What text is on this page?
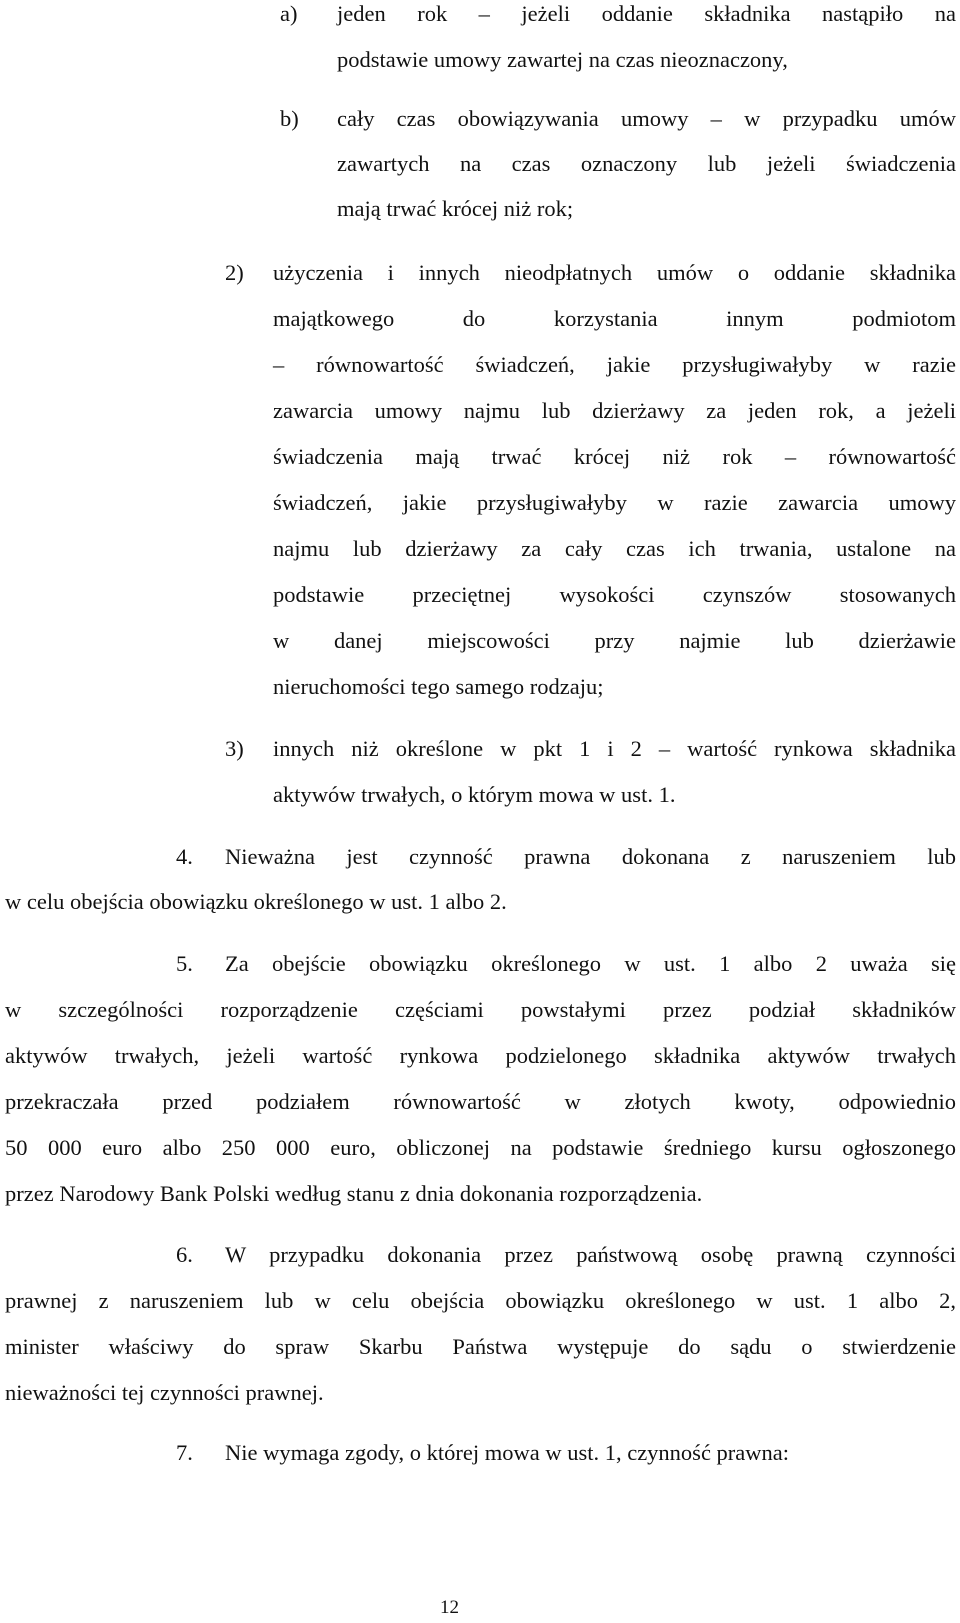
a) jeden rok – jeżeli oddanie składnika nastąpiło na
podstawie umowy zawartej na czas nieoznaczony,
b) cały czas obowiązywania umowy – w przypadku umów
zawartych na czas oznaczony lub jeżeli świadczenia
mają trwać krócej niż rok;
2) użyczenia i innych nieodpłatnych umów o oddanie składnika
majątkowego do korzystania innym podmiotom
– równowartość świadczeń, jakie przysługiwałyby w razie
zawarcia umowy najmu lub dzierżawy za jeden rok, a jeżeli
świadczenia mają trwać krócej niż rok – równowartość
świadczeń, jakie przysługiwałyby w razie zawarcia umowy
najmu lub dzierżawy za cały czas ich trwania, ustalone na
podstawie przeciętnej wysokości czynszów stosowanych
w danej miejscowości przy najmie lub dzierżawie
nieruchomości tego samego rodzaju;
3) innych niż określone w pkt 1 i 2 – wartość rynkowa składnika
aktywów trwałych, o którym mowa w ust. 1.
4. Nieważna jest czynność prawna dokonana z naruszeniem lub
w celu obejścia obowiązku określonego w ust. 1 albo 2.
5. Za obejście obowiązku określonego w ust. 1 albo 2 uważa się
w szczególności rozporządzenie częściami powstałymi przez podział składników
aktywów trwałych, jeżeli wartość rynkowa podzielonego składnika aktywów trwałych
przekraczała przed podziałem równowartość w złotych kwoty, odpowiednio
50 000 euro albo 250 000 euro, obliczonej na podstawie średniego kursu ogłoszonego
przez Narodowy Bank Polski według stanu z dnia dokonania rozporządzenia.
6. W przypadku dokonania przez państwową osobę prawną czynności
prawnej z naruszeniem lub w celu obejścia obowiązku określonego w ust. 1 albo 2,
minister właściwy do spraw Skarbu Państwa występuje do sądu o stwierdzenie
nieważności tej czynności prawnej.
7. Nie wymaga zgody, o której mowa w ust. 1, czynność prawna:
12
